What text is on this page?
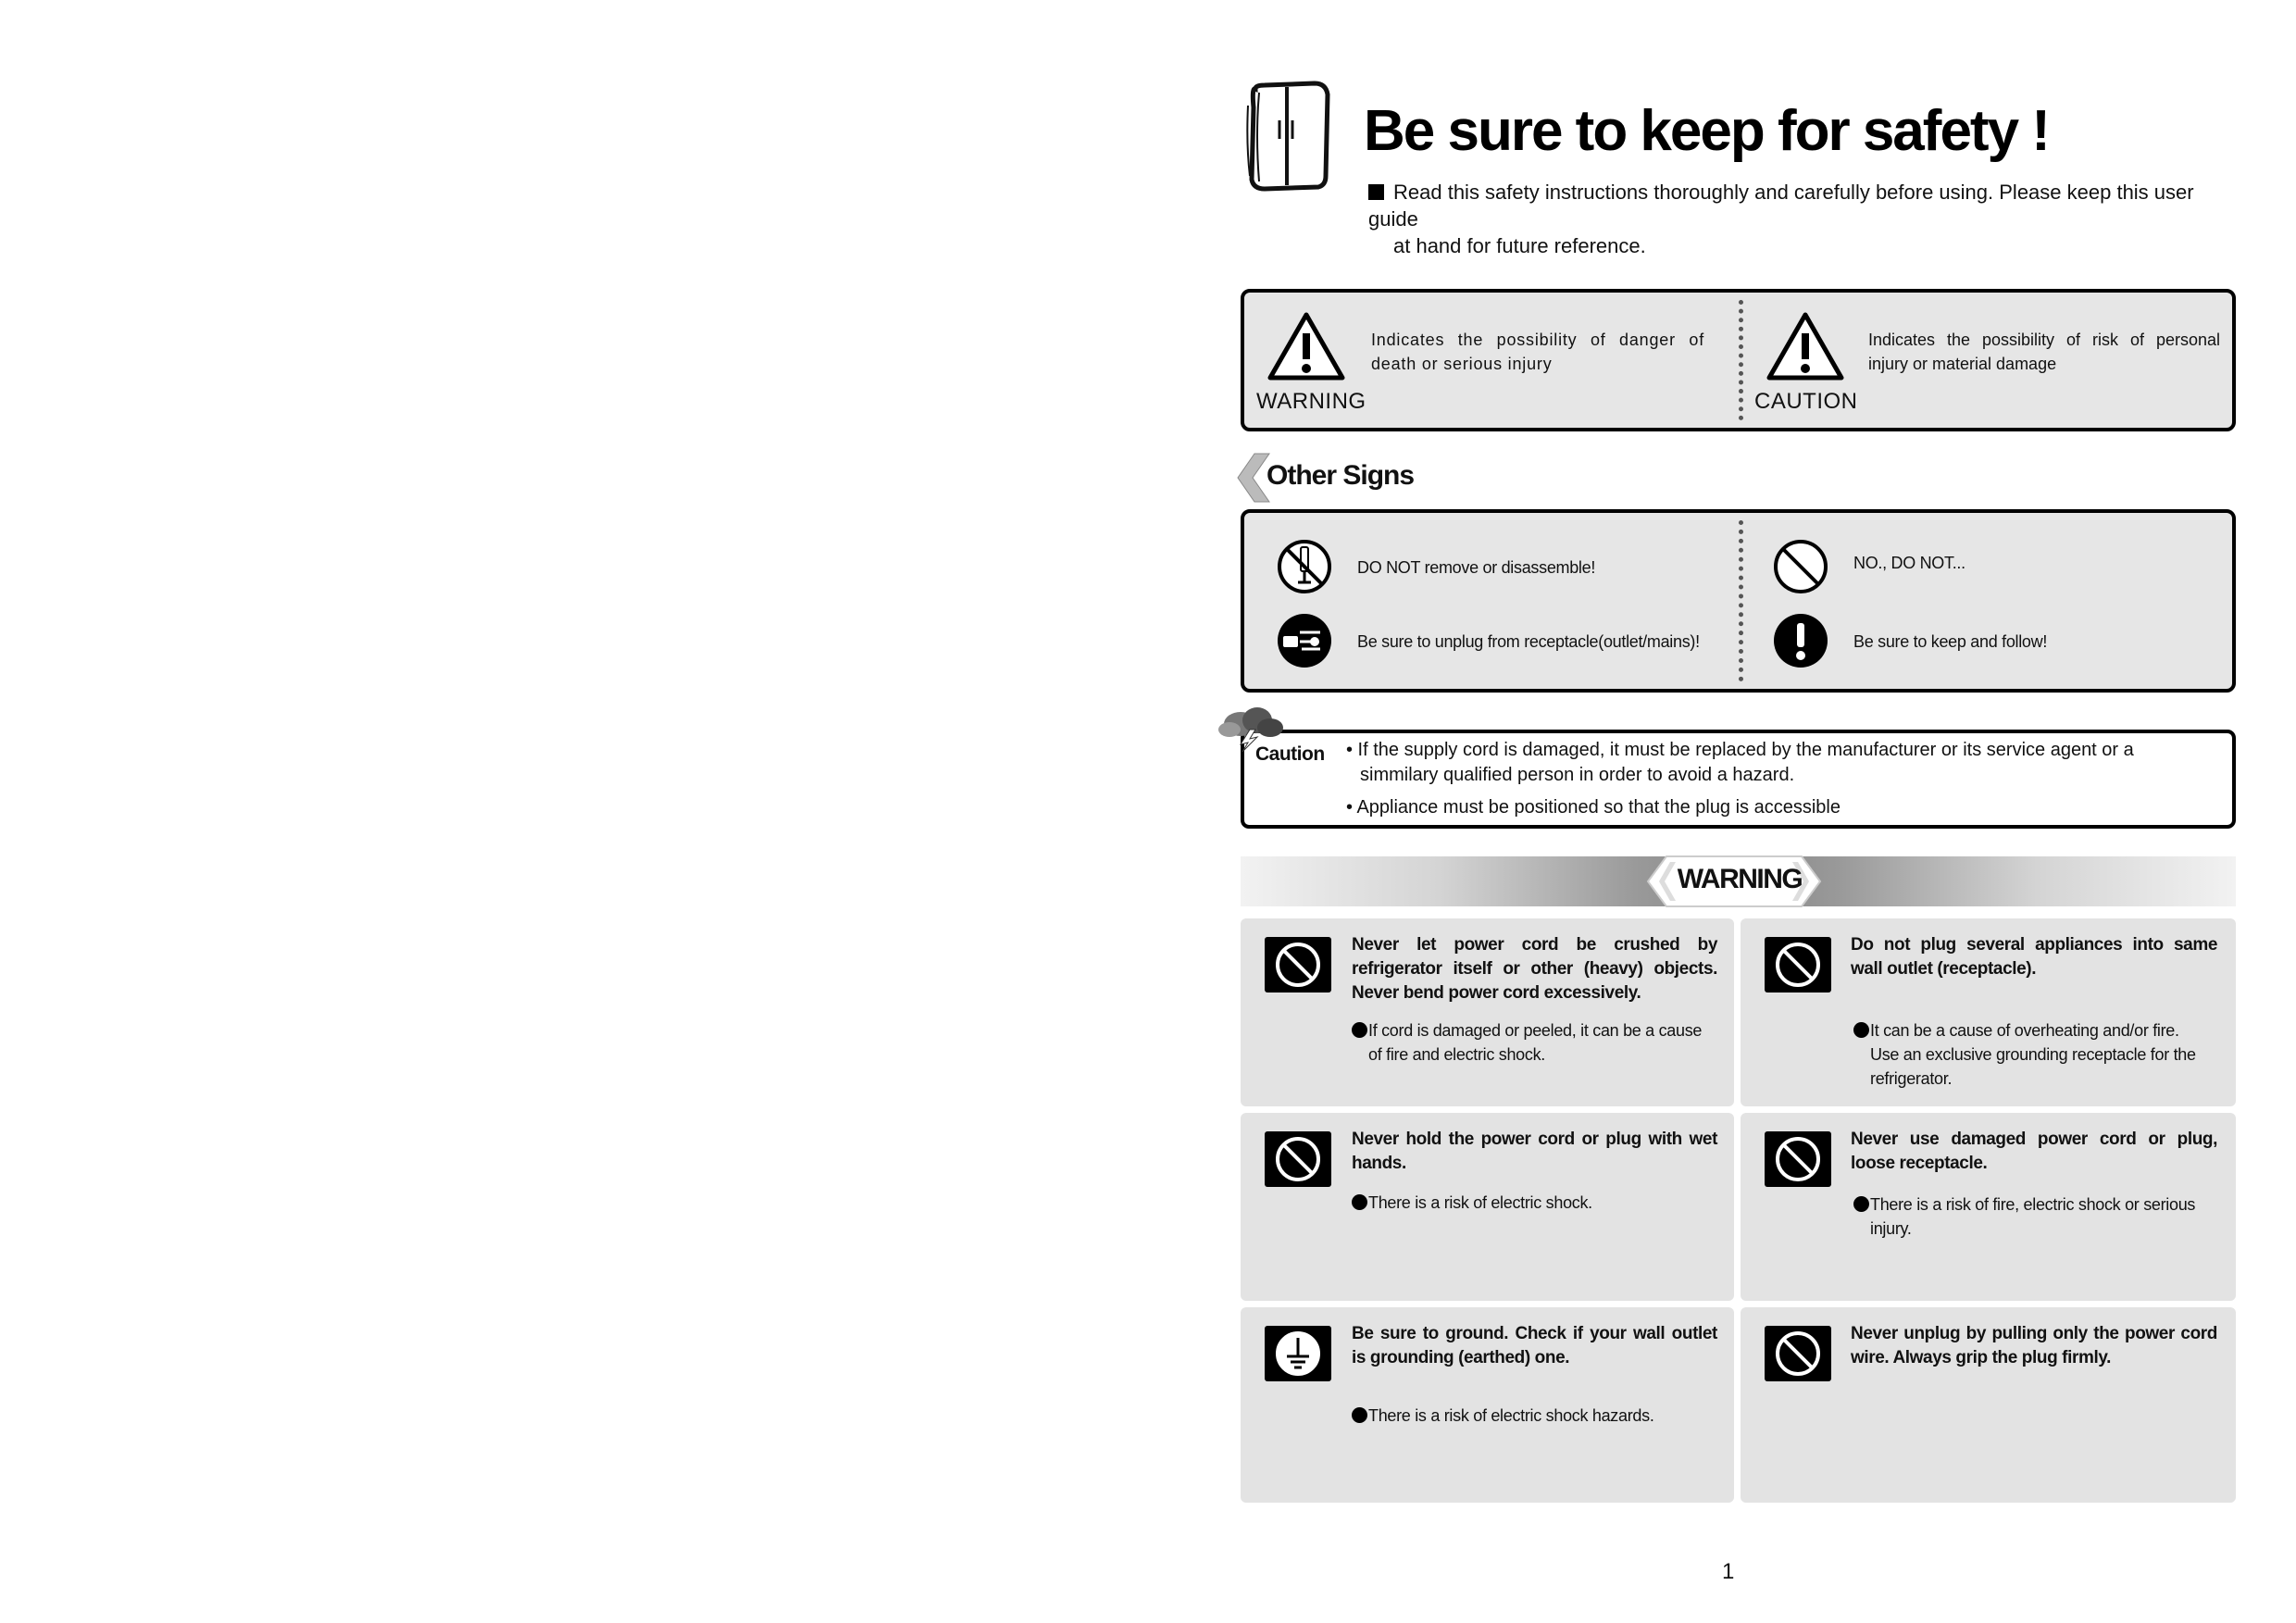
Be sure to keep for safety !
Read this safety instructions thoroughly and carefully before using. Please keep this user guide
at hand for future reference.
WARNING
Indicates the possibility of danger of death or serious injury
CAUTION
Indicates the possibility of risk of personal injury or material damage
Other Signs
DO NOT remove or disassemble!
Be sure to unplug from receptacle(outlet/mains)!
NO., DO NOT...
Be sure to keep and follow!
Caution • If the supply cord is damaged, it must be replaced by the manufacturer or its service agent or a
simmilary qualified person in order to avoid a hazard.
• Appliance must be positioned so that the plug is accessible
WARNING
Never let power cord be crushed by refrigerator itself or other (heavy) objects. Never bend power cord excessively.
If cord is damaged or peeled, it can be a cause
of fire and electric shock.
Do not plug several appliances into same wall outlet (receptacle).
It can be a cause of overheating and/or fire.
Use an exclusive grounding receptacle for the refrigerator.
Never hold the power cord or plug with wet hands.
There is a risk of electric shock.
Never use damaged power cord or plug, loose receptacle.
There is a risk of fire, electric shock or serious
injury.
Be sure to ground. Check if your wall outlet is grounding (earthed) one.
There is a risk of electric shock hazards.
Never unplug by pulling only the power cord wire. Always grip the plug firmly.
1
